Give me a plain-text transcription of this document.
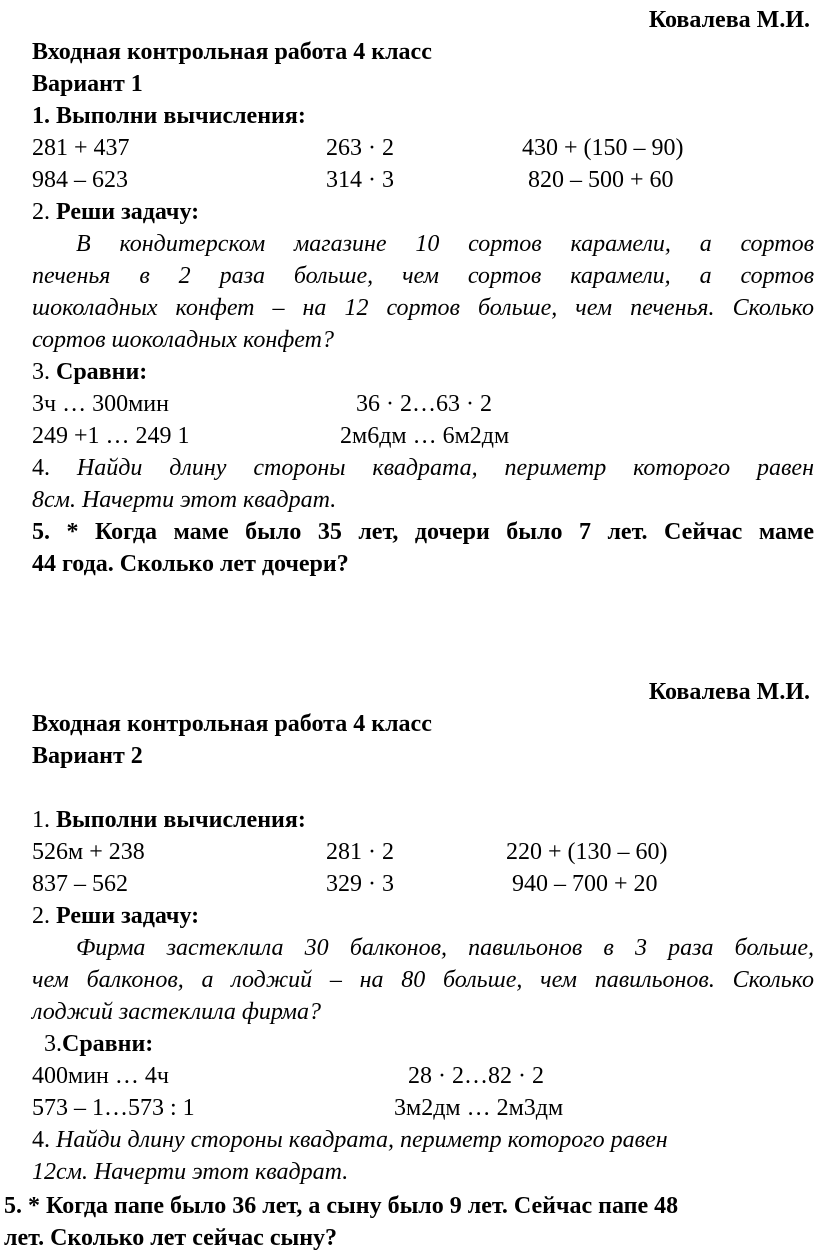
Ковалева М.И.
Входная контрольная работа 4 класс
Вариант 1
1. Выполни вычисления:
281 + 437	263 · 2	430 + (150 – 90)
984 – 623	314 · 3	820 – 500 + 60
2. Реши задачу:
В кондитерском магазине 10 сортов карамели, а сортов
печенья в 2 раза больше, чем сортов карамели, а сортов
шоколадных конфет – на 12 сортов больше, чем печенья. Сколько
сортов шоколадных конфет?
3. Сравни:
3ч … 300мин	36 · 2…63 · 2
249 +1 … 249 1	2м6дм … 6м2дм
4. Найди длину стороны квадрата, периметр которого равен
8см. Начерти этот квадрат.
5. * Когда маме было 35 лет, дочери было 7 лет. Сейчас маме
44 года. Сколько лет дочери?
Ковалева М.И.
Входная контрольная работа 4 класс
Вариант 2
1. Выполни вычисления:
526м + 238	281 · 2	220 + (130 – 60)
837 – 562	329 · 3	940 – 700 + 20
2. Реши задачу:
Фирма застеклила 30 балконов, павильонов в 3 раза больше,
чем балконов, а лоджий – на 80 больше, чем павильонов. Сколько
лоджий застеклила фирма?
3.Сравни:
400мин … 4ч	28 · 2…82 · 2
573 – 1…573 : 1	3м2дм … 2м3дм
4. Найди длину стороны квадрата, периметр которого равен
12см. Начерти этот квадрат.
5. * Когда папе было 36 лет, а сыну было 9 лет. Сейчас папе 48
лет. Сколько лет сейчас сыну?
